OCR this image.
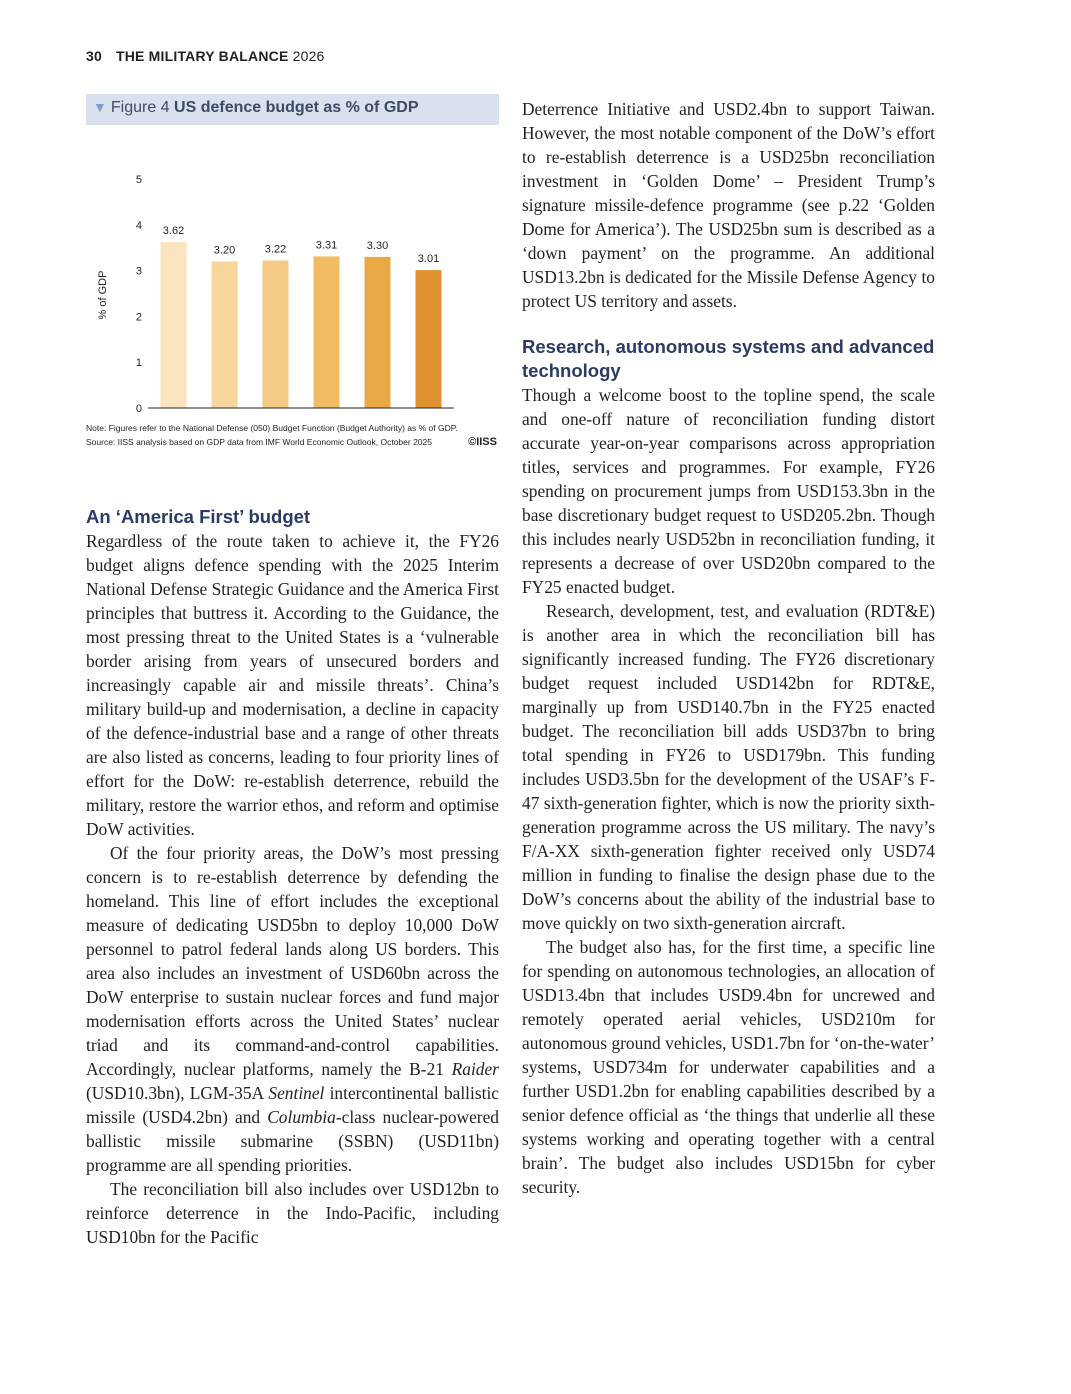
30 THE MILITARY BALANCE 2026
▼ Figure 4 US defence budget as % of GDP
0
1
2
3
4
5
3.62
3.20	3.22	3.31	3.30
3.01
% of GDP
Note: Figures refer to the National Defense (050) Budget Function (Budget Authority) as % of GDP.
Source: IISS analysis based on GDP data from IMF World Economic Outlook, October 2025	©IISS
An ‘America First’ budget

Regardless of the route taken to achieve it, the FY26 budget aligns defence spending with the 2025 Interim National Defense Strategic Guidance and the America First principles that buttress it. According to the Guidance, the most pressing threat to the United States is a ‘vulnerable border arising from years of unsecured borders and increasingly capable air and missile threats’. China’s military build-up and modernisation, a decline in capacity of the defence-industrial base and a range of other threats are also listed as concerns, leading to four priority lines of effort for the DoW: re-establish deterrence, rebuild the military, restore the warrior ethos, and reform and optimise DoW activities.

Of the four priority areas, the DoW’s most pressing concern is to re-establish deterrence by defending the homeland. This line of effort includes the exceptional measure of dedicating USD5bn to deploy 10,000 DoW personnel to patrol federal lands along US borders. This area also includes an investment of USD60bn across the DoW enterprise to sustain nuclear forces and fund major modernisation efforts across the United States’ nuclear triad and its command-and-control capabilities. Accordingly, nuclear platforms, namely the B-21 Raider (USD10.3bn), LGM-35A Sentinel intercontinental ballistic missile (USD4.2bn) and Columbia-class nuclear-powered ballistic missile submarine (SSBN) (USD11bn) programme are all spending priorities.

The reconciliation bill also includes over USD12bn to reinforce deterrence in the Indo-Pacific, including USD10bn for the Pacific

Deterrence Initiative and USD2.4bn to support Taiwan. However, the most notable component of the DoW’s effort to re-establish deterrence is a USD25bn reconciliation investment in ‘Golden Dome’ – President Trump’s signature missile-defence programme (see p.22 ‘Golden Dome for America’). The USD25bn sum is described as a ‘down payment’ on the programme. An additional USD13.2bn is dedicated for the Missile Defense Agency to protect US territory and assets.

Research, autonomous systems and advanced technology

Though a welcome boost to the topline spend, the scale and one-off nature of reconciliation funding distort accurate year-on-year comparisons across appropriation titles, services and programmes. For example, FY26 spending on procurement jumps from USD153.3bn in the base discretionary budget request to USD205.2bn. Though this includes nearly USD52bn in reconciliation funding, it represents a decrease of over USD20bn compared to the FY25 enacted budget.

Research, development, test, and evaluation (RDT&E) is another area in which the reconciliation bill has significantly increased funding. The FY26 discretionary budget request included USD142bn for RDT&E, marginally up from USD140.7bn in the FY25 enacted budget. The reconciliation bill adds USD37bn to bring total spending in FY26 to USD179bn. This funding includes USD3.5bn for the development of the USAF’s F-47 sixth-generation fighter, which is now the priority sixth-generation programme across the US military. The navy’s F/A-XX sixth-generation fighter received only USD74 million in funding to finalise the design phase due to the DoW’s concerns about the ability of the industrial base to move quickly on two sixth-generation aircraft.

The budget also has, for the first time, a specific line for spending on autonomous technologies, an allocation of USD13.4bn that includes USD9.4bn for uncrewed and remotely operated aerial vehicles, USD210m for autonomous ground vehicles, USD1.7bn for ‘on-the-water’ systems, USD734m for underwater capabilities and a further USD1.2bn for enabling capabilities described by a senior defence official as ‘the things that underlie all these systems working and operating together with a central brain’. The budget also includes USD15bn for cyber security.
